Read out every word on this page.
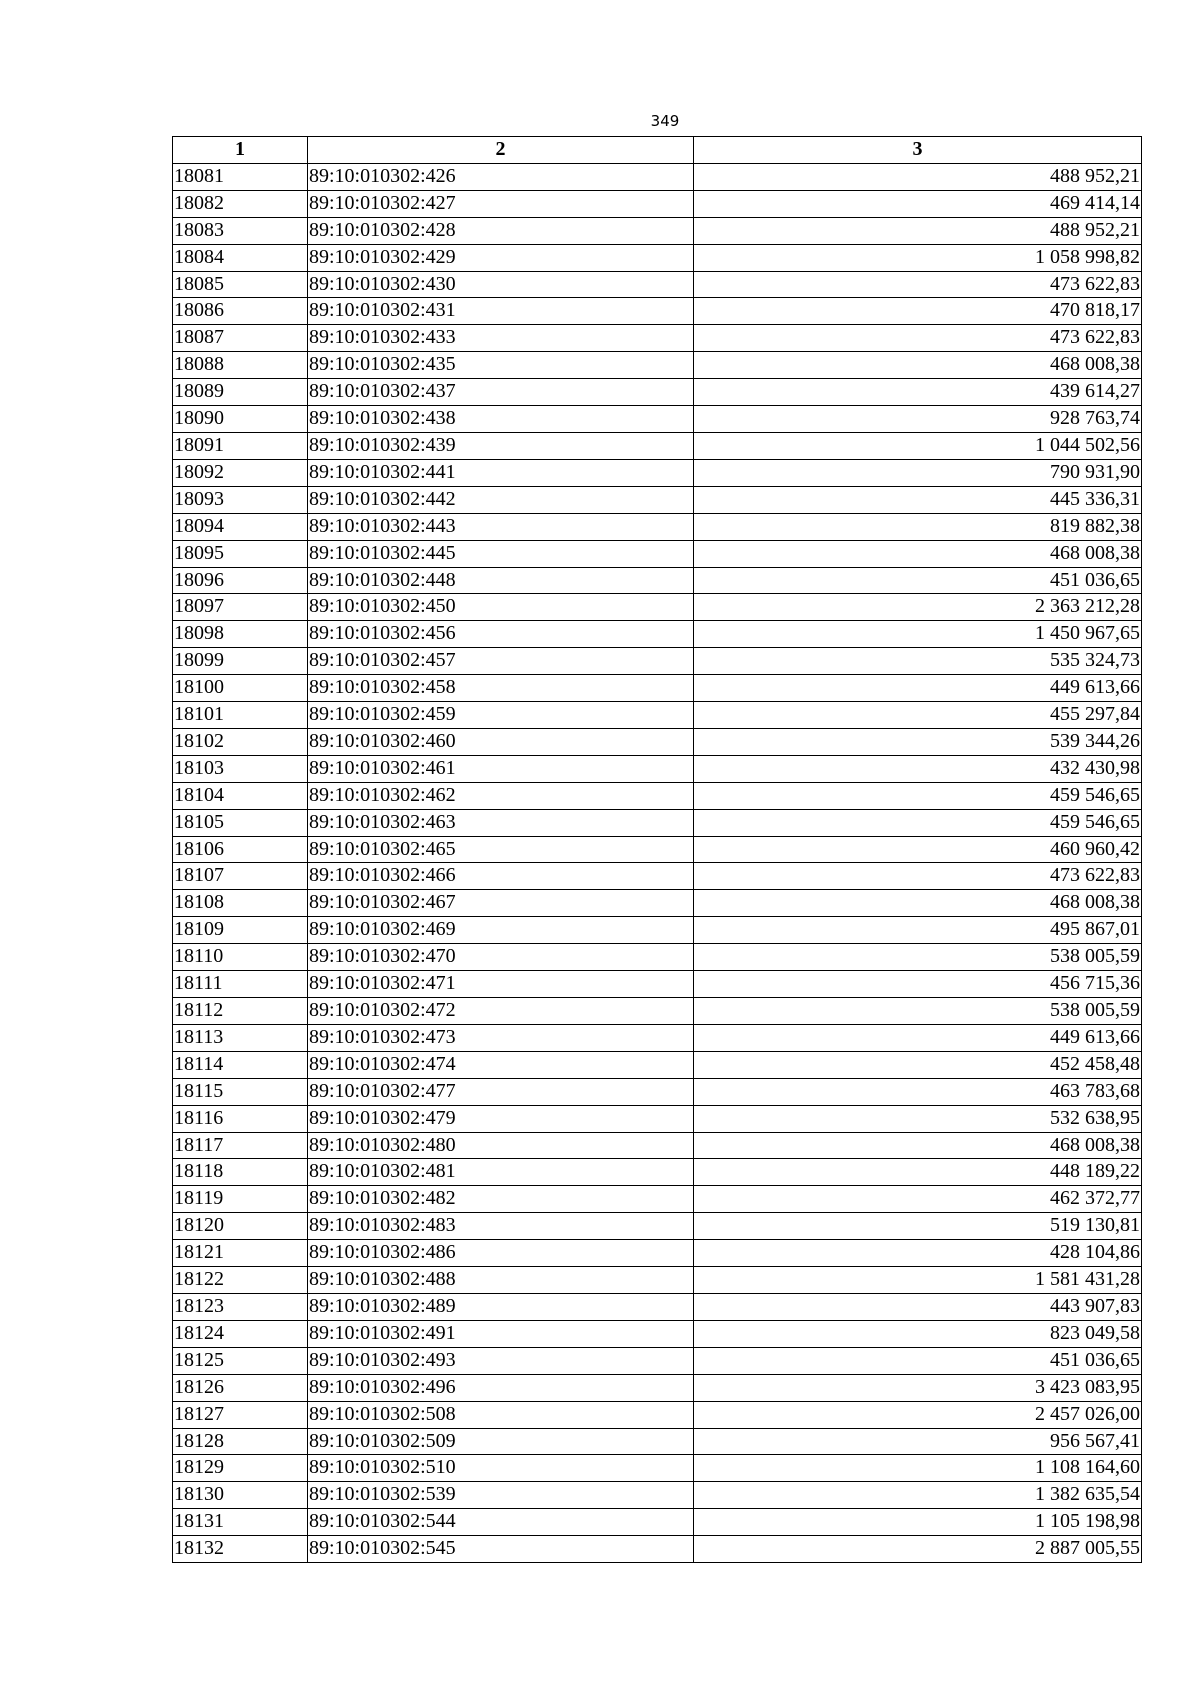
349
1	2	3
18081	89:10:010302:426	488 952,21
18082	89:10:010302:427	469 414,14
18083	89:10:010302:428	488 952,21
18084	89:10:010302:429	1 058 998,82
18085	89:10:010302:430	473 622,83
18086	89:10:010302:431	470 818,17
18087	89:10:010302:433	473 622,83
18088	89:10:010302:435	468 008,38
18089	89:10:010302:437	439 614,27
18090	89:10:010302:438	928 763,74
18091	89:10:010302:439	1 044 502,56
18092	89:10:010302:441	790 931,90
18093	89:10:010302:442	445 336,31
18094	89:10:010302:443	819 882,38
18095	89:10:010302:445	468 008,38
18096	89:10:010302:448	451 036,65
18097	89:10:010302:450	2 363 212,28
18098	89:10:010302:456	1 450 967,65
18099	89:10:010302:457	535 324,73
18100	89:10:010302:458	449 613,66
18101	89:10:010302:459	455 297,84
18102	89:10:010302:460	539 344,26
18103	89:10:010302:461	432 430,98
18104	89:10:010302:462	459 546,65
18105	89:10:010302:463	459 546,65
18106	89:10:010302:465	460 960,42
18107	89:10:010302:466	473 622,83
18108	89:10:010302:467	468 008,38
18109	89:10:010302:469	495 867,01
18110	89:10:010302:470	538 005,59
18111	89:10:010302:471	456 715,36
18112	89:10:010302:472	538 005,59
18113	89:10:010302:473	449 613,66
18114	89:10:010302:474	452 458,48
18115	89:10:010302:477	463 783,68
18116	89:10:010302:479	532 638,95
18117	89:10:010302:480	468 008,38
18118	89:10:010302:481	448 189,22
18119	89:10:010302:482	462 372,77
18120	89:10:010302:483	519 130,81
18121	89:10:010302:486	428 104,86
18122	89:10:010302:488	1 581 431,28
18123	89:10:010302:489	443 907,83
18124	89:10:010302:491	823 049,58
18125	89:10:010302:493	451 036,65
18126	89:10:010302:496	3 423 083,95
18127	89:10:010302:508	2 457 026,00
18128	89:10:010302:509	956 567,41
18129	89:10:010302:510	1 108 164,60
18130	89:10:010302:539	1 382 635,54
18131	89:10:010302:544	1 105 198,98
18132	89:10:010302:545	2 887 005,55
